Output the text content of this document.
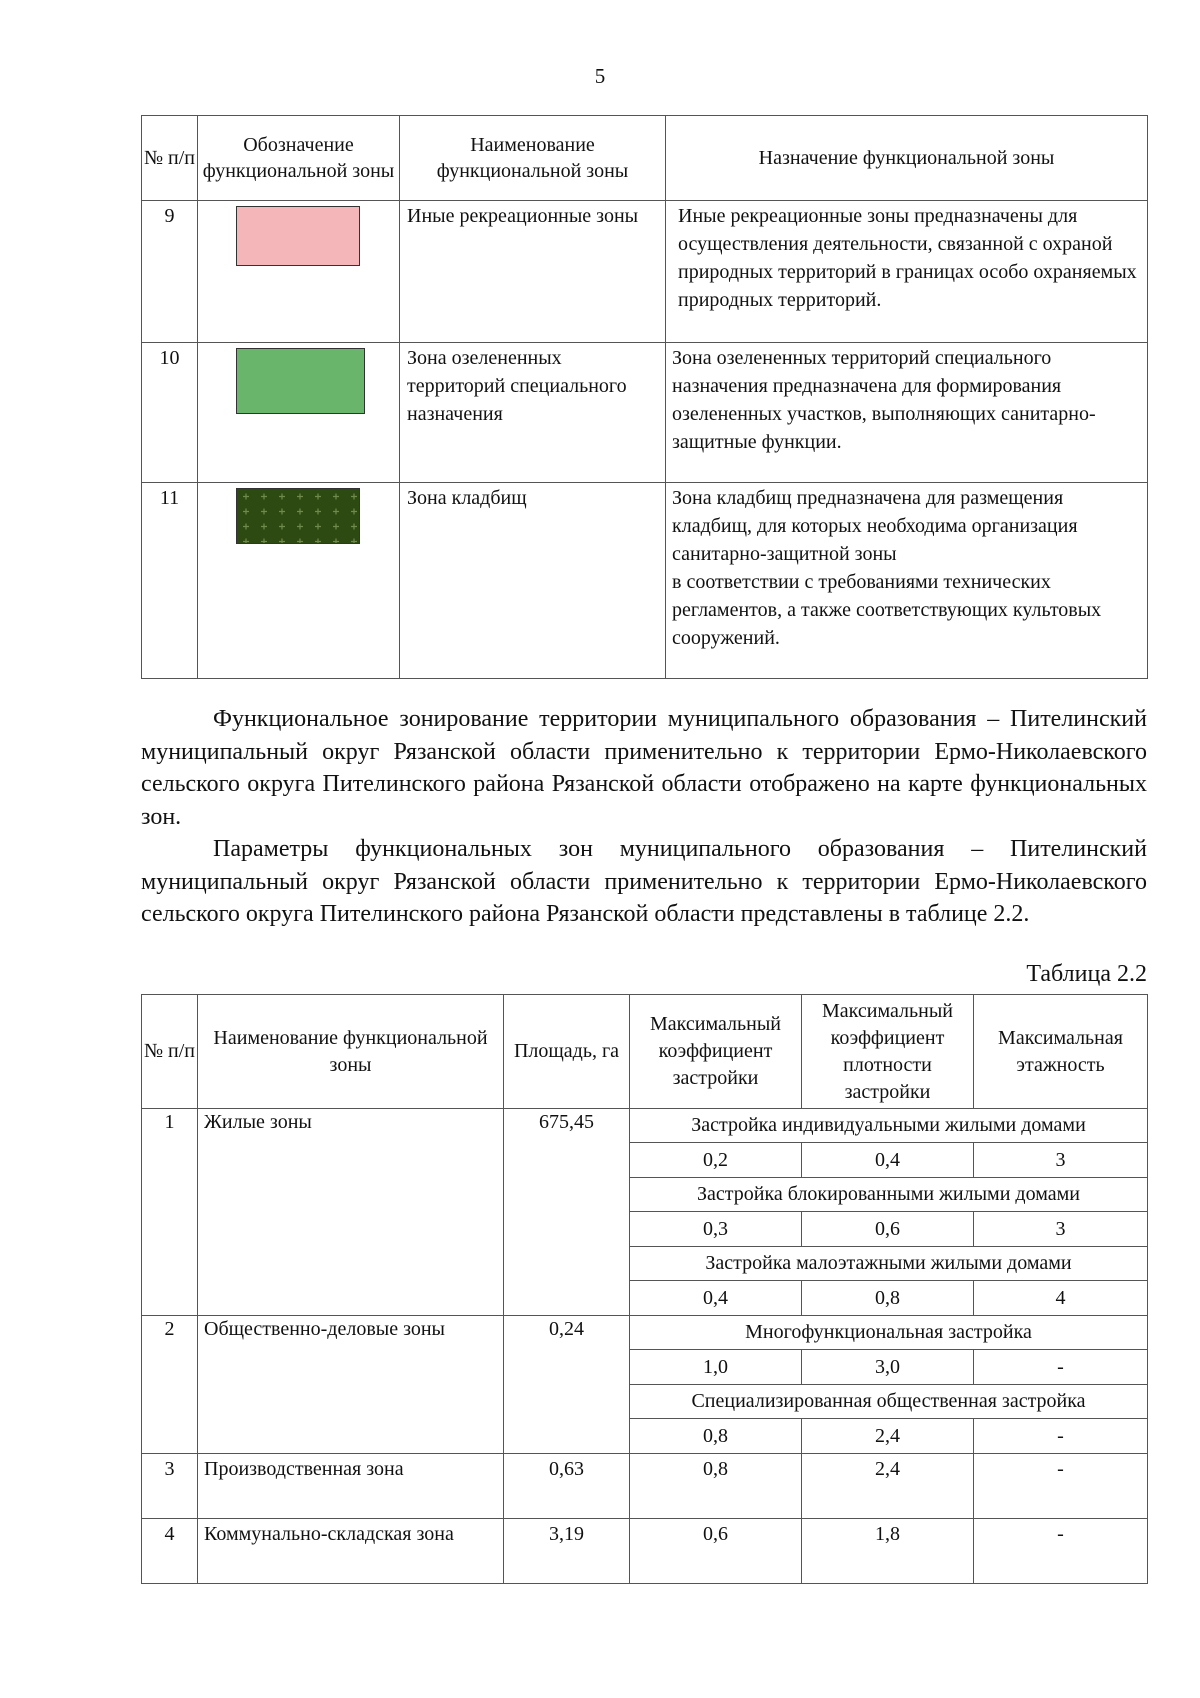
5
№ п/п	Обозначение функциональной зоны	Наименование функциональной зоны	Назначение функциональной зоны
9		Иные рекреационные зоны	Иные рекреационные зоны предназначены для осуществления деятельности, связанной с охраной природных территорий в границах особо охраняемых природных территорий.
10		Зона озелененных территорий специального назначения	Зона озелененных территорий специального назначения предназначена для формирования озелененных участков, выполняющих санитарно-защитные функции.
11		Зона кладбищ	Зона кладбищ предназначена для размещения кладбищ, для которых необходима организация санитарно-защитной зоны
в соответствии с требованиями технических регламентов, а также соответствующих культовых сооружений.

Функциональное зонирование территории муниципального образования – Пителинский муниципальный округ Рязанской области применительно к территории Ермо-Николаевского сельского округа Пителинского района Рязанской области отображено на карте функциональных зон.

Параметры функциональных зон муниципального образования – Пителинский муниципальный округ Рязанской области применительно к территории Ермо-Николаевского сельского округа Пителинского района Рязанской области представлены в таблице 2.2.

Таблица 2.2

№ п/п	Наименование функциональной зоны	Площадь, га	Максимальный коэффициент застройки	Максимальный коэффициент плотности застройки	Максимальная этажность
1	Жилые зоны	675,45	Застройка индивидуальными жилыми домами		
			0,2	0,4	3
			Застройка блокированными жилыми домами		
			0,3	0,6	3
			Застройка малоэтажными жилыми домами		
			0,4	0,8	4
2	Общественно-деловые зоны	0,24	Многофункциональная застройка		
			1,0	3,0	-
			Специализированная общественная застройка		
			0,8	2,4	-
3	Производственная зона	0,63	0,8	2,4	-
4	Коммунально-складская зона	3,19	0,6	1,8	-
